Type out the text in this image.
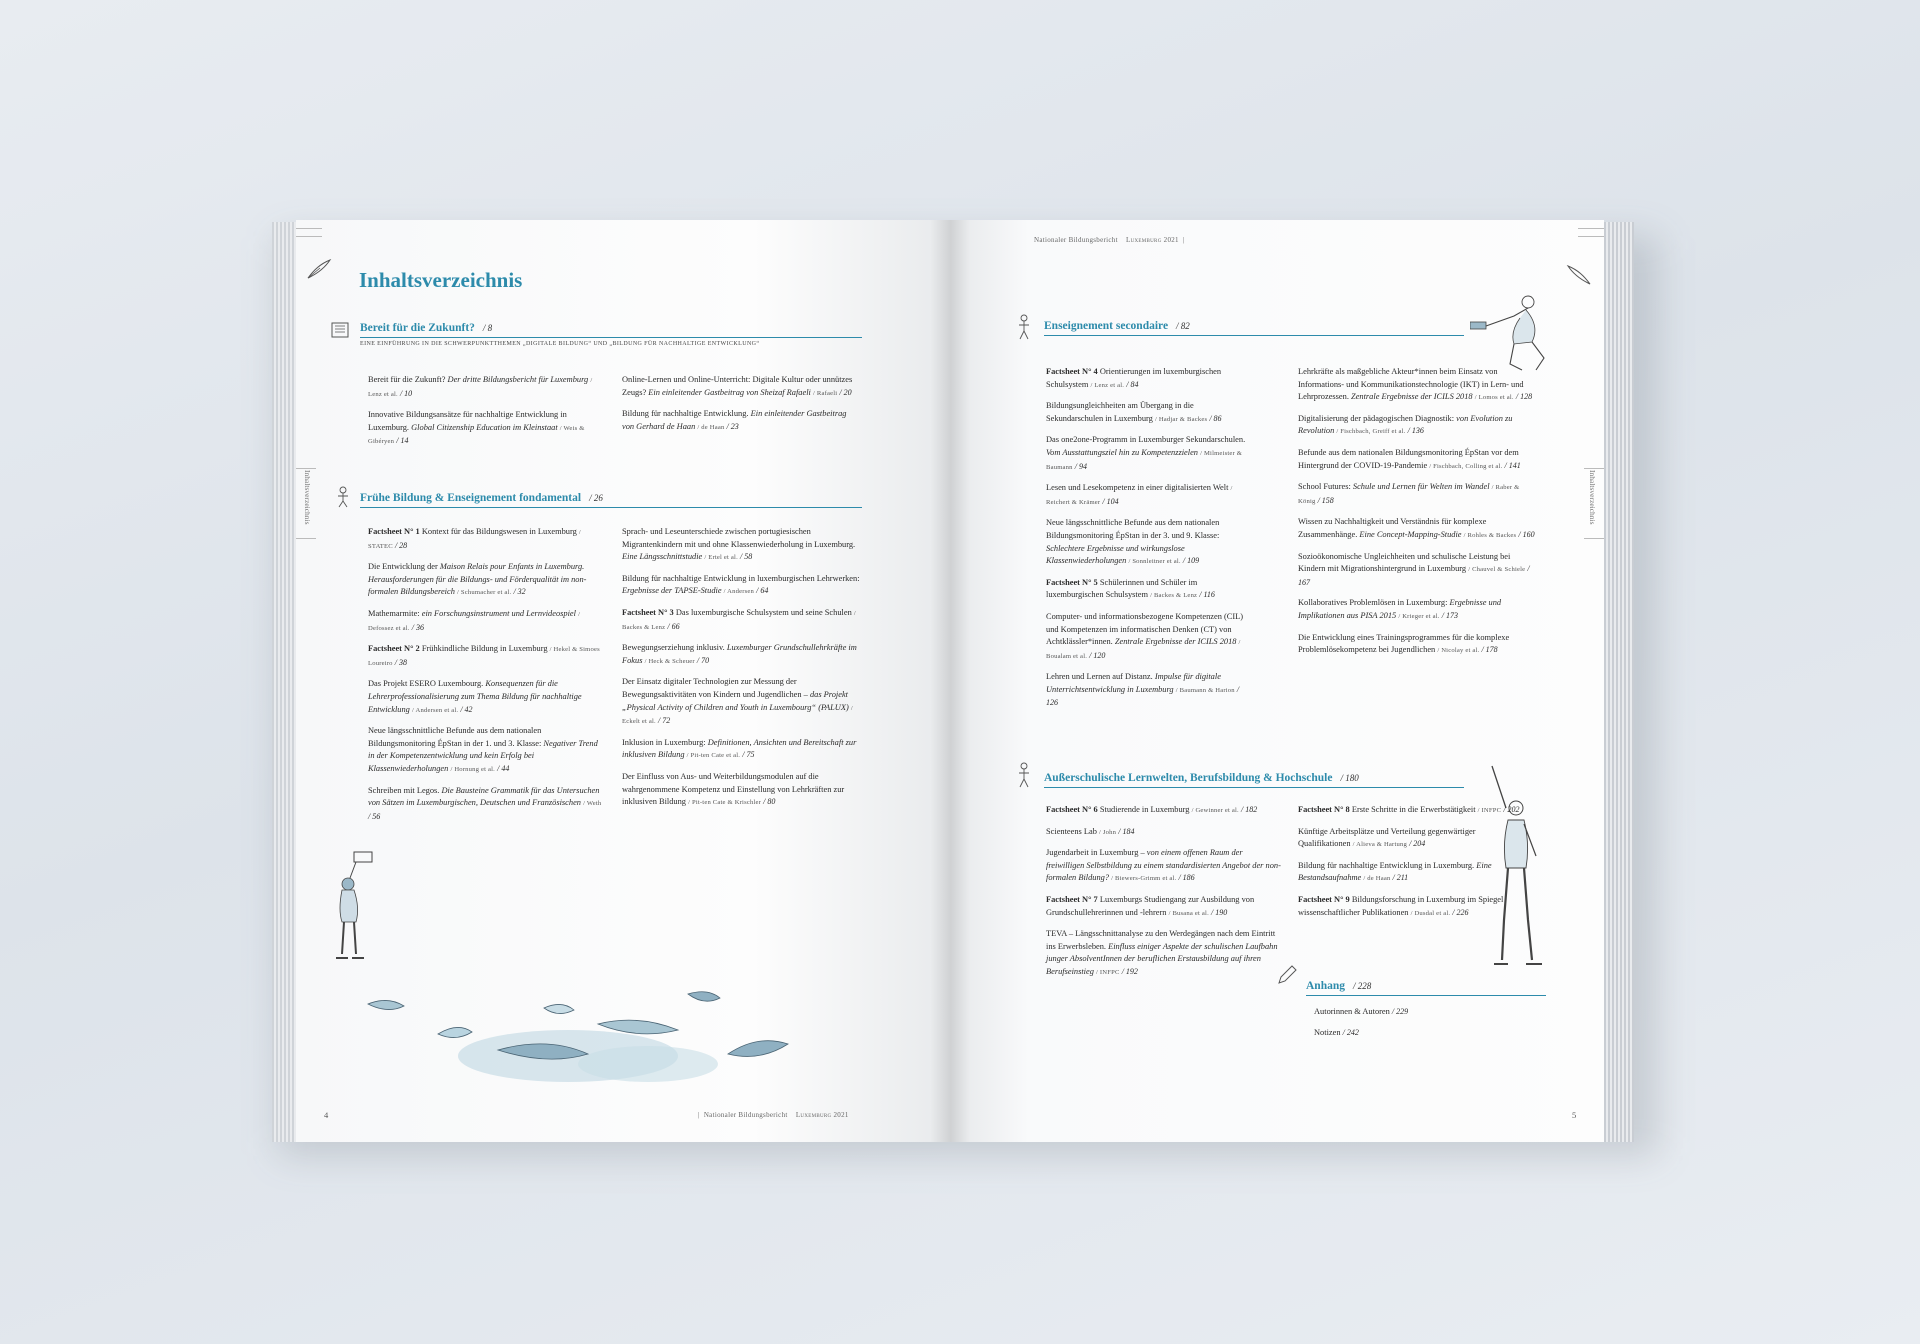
Inhaltsverzeichnis
Inhaltsverzeichnis
Bereit für die Zukunft? / 8
EINE EINFÜHRUNG IN DIE SCHWERPUNKTTHEMEN „DIGITALE BILDUNG“ UND „BILDUNG FÜR NACHHALTIGE ENTWICKLUNG“
Bereit für die Zukunft? Der dritte Bildungsbericht für Luxemburg / Lenz et al. / 10
Innovative Bildungsansätze für nachhaltige Entwicklung in Luxemburg. Global Citizenship Education im Kleinstaat / Weis & Gibéryen / 14
Online-Lernen und Online-Unterricht: Digitale Kultur oder unnützes Zeugs? Ein einleitender Gastbeitrag von Sheizaf Rafaeli / Rafaeli / 20
Bildung für nachhaltige Entwicklung. Ein einleitender Gastbeitrag von Gerhard de Haan / de Haan / 23
Frühe Bildung & Enseignement fondamental / 26
Factsheet N° 1 Kontext für das Bildungswesen in Luxemburg / STATEC / 28
Die Entwicklung der Maison Relais pour Enfants in Luxemburg. Herausforderungen für die Bildungs- und Förderqualität im non-formalen Bildungsbereich / Schumacher et al. / 32
Mathemarmite: ein Forschungsinstrument und Lernvideospiel / Defossez et al. / 36
Factsheet N° 2 Frühkindliche Bildung in Luxemburg / Hekel & Simoes Loureiro / 38
Das Projekt ESERO Luxembourg. Konsequenzen für die Lehrerprofessionalisierung zum Thema Bildung für nachhaltige Entwicklung / Andersen et al. / 42
Neue längsschnittliche Befunde aus dem nationalen Bildungsmonitoring ÉpStan in der 1. und 3. Klasse: Negativer Trend in der Kompetenzentwicklung und kein Erfolg bei Klassenwiederholungen / Hornung et al. / 44
Schreiben mit Legos. Die Bausteine Grammatik für das Untersuchen von Sätzen im Luxemburgischen, Deutschen und Französischen / Weth / 56
Sprach- und Leseunterschiede zwischen portugiesischen Migrantenkindern mit und ohne Klassenwiederholung in Luxemburg. Eine Längsschnittstudie / Ertel et al. / 58
Bildung für nachhaltige Entwicklung in luxemburgischen Lehrwerken: Ergebnisse der TAPSE-Studie / Andersen / 64
Factsheet N° 3 Das luxemburgische Schulsystem und seine Schulen / Backes & Lenz / 66
Bewegungserziehung inklusiv. Luxemburger Grundschullehrkräfte im Fokus / Heck & Scheuer / 70
Der Einsatz digitaler Technologien zur Messung der Bewegungsaktivitäten von Kindern und Jugendlichen – das Projekt „Physical Activity of Children and Youth in Luxembourg“ (PALUX) / Eckelt et al. / 72
Inklusion in Luxemburg: Definitionen, Ansichten und Bereitschaft zur inklusiven Bildung / Pit-ten Cate et al. / 75
Der Einfluss von Aus- und Weiterbildungsmodulen auf die wahrgenommene Kompetenz und Einstellung von Lehrkräften zur inklusiven Bildung / Pit-ten Cate & Krischler / 80
4	| Nationaler Bildungsbericht Luxemburg 2021
Nationaler Bildungsbericht Luxemburg 2021 |
Inhaltsverzeichnis
Enseignement secondaire / 82
Factsheet N° 4 Orientierungen im luxemburgischen Schulsystem / Lenz et al. / 84
Bildungsungleichheiten am Übergang in die Sekundarschulen in Luxemburg / Hadjar & Backes / 86
Das one2one-Programm in Luxemburger Sekundarschulen. Vom Ausstattungsziel hin zu Kompetenzzielen / Milmeister & Baumann / 94
Lesen und Lesekompetenz in einer digitalisierten Welt / Reichert & Krämer / 104
Neue längsschnittliche Befunde aus dem nationalen Bildungsmonitoring ÉpStan in der 3. und 9. Klasse: Schlechtere Ergebnisse und wirkungslose Klassenwiederholungen / Sonnleitner et al. / 109
Factsheet N° 5 Schülerinnen und Schüler im luxemburgischen Schulsystem / Backes & Lenz / 116
Computer- und informationsbezogene Kompetenzen (CIL) und Kompetenzen im informatischen Denken (CT) von Achtklässler*innen. Zentrale Ergebnisse der ICILS 2018 / Boualam et al. / 120
Lehren und Lernen auf Distanz. Impulse für digitale Unterrichtsentwicklung in Luxemburg / Baumann & Harion / 126
Lehrkräfte als maßgebliche Akteur*innen beim Einsatz von Informations- und Kommunikationstechnologie (IKT) in Lern- und Lehrprozessen. Zentrale Ergebnisse der ICILS 2018 / Lomos et al. / 128
Digitalisierung der pädagogischen Diagnostik: von Evolution zu Revolution / Fischbach, Greiff et al. / 136
Befunde aus dem nationalen Bildungsmonitoring ÉpStan vor dem Hintergrund der COVID-19-Pandemie / Fischbach, Colling et al. / 141
School Futures: Schule und Lernen für Welten im Wandel / Raber & König / 158
Wissen zu Nachhaltigkeit und Verständnis für komplexe Zusammenhänge. Eine Concept-Mapping-Studie / Rohles & Backes / 160
Sozioökonomische Ungleichheiten und schulische Leistung bei Kindern mit Migrationshintergrund in Luxemburg / Chauvel & Schiele / 167
Kollaboratives Problemlösen in Luxemburg: Ergebnisse und Implikationen aus PISA 2015 / Krieger et al. / 173
Die Entwicklung eines Trainingsprogrammes für die komplexe Problemlösekompetenz bei Jugendlichen / Nicolay et al. / 178
Außerschulische Lernwelten, Berufsbildung & Hochschule / 180
Factsheet N° 6 Studierende in Luxemburg / Gewinner et al. / 182
Scienteens Lab / John / 184
Jugendarbeit in Luxemburg – von einem offenen Raum der freiwilligen Selbstbildung zu einem standardisierten Angebot der non-formalen Bildung? / Biewers-Grimm et al. / 186
Factsheet N° 7 Luxemburgs Studiengang zur Ausbildung von Grundschullehrerinnen und -lehrern / Busana et al. / 190
TEVA – Längsschnittanalyse zu den Werdegängen nach dem Eintritt ins Erwerbsleben. Einfluss einiger Aspekte der schulischen Laufbahn junger AbsolventInnen der beruflichen Erstausbildung auf ihren Berufseinstieg / INFPC / 192
Factsheet N° 8 Erste Schritte in die Erwerbstätigkeit / INFPC / 202
Künftige Arbeitsplätze und Verteilung gegenwärtiger Qualifikationen / Alieva & Hartung / 204
Bildung für nachhaltige Entwicklung in Luxemburg. Eine Bestandsaufnahme / de Haan / 211
Factsheet N° 9 Bildungsforschung in Luxemburg im Spiegel wissenschaftlicher Publikationen / Dusdal et al. / 226
Anhang / 228
Autorinnen & Autoren / 229
Notizen / 242
5
